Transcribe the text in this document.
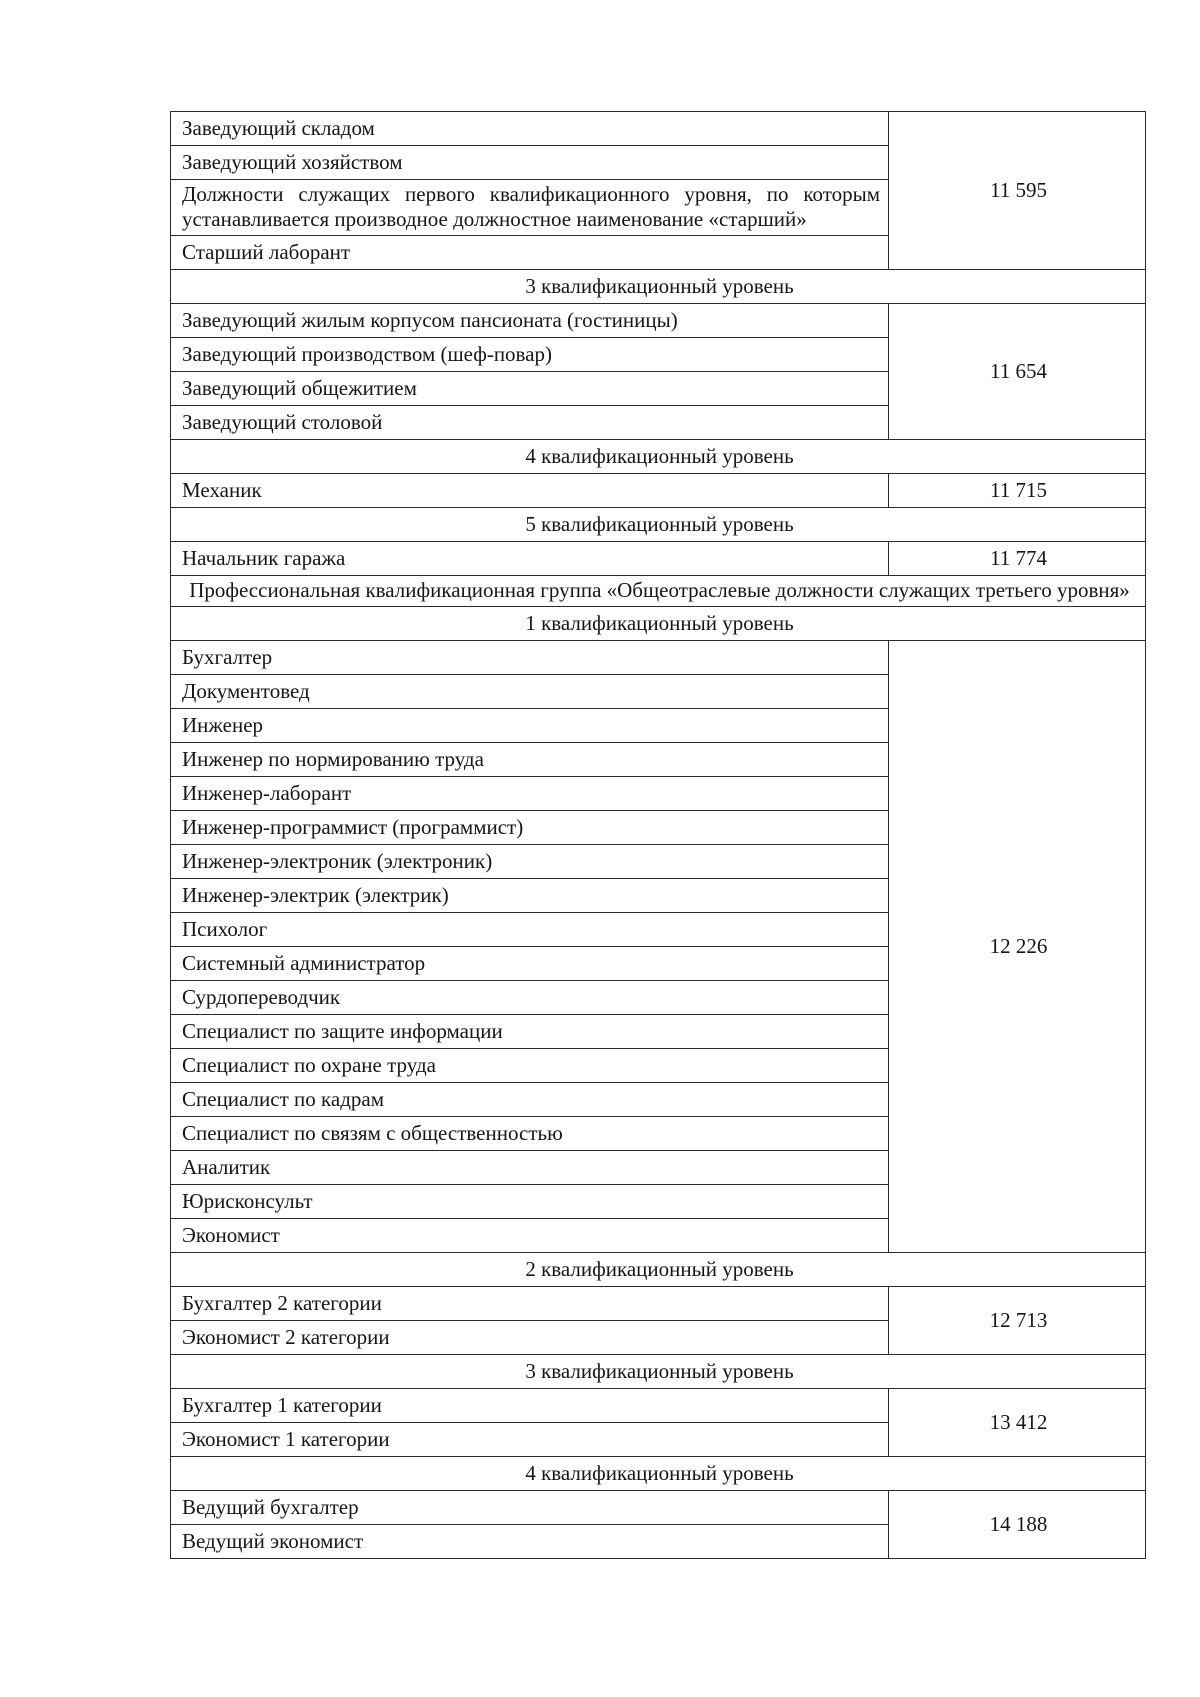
Заведующий складом	11 595
Заведующий хозяйством	
Должности служащих первого квалификационного уровня, по которым устанавливается производное должностное наименование «старший»	
Старший лаборант	
3 квалификационный уровень	
Заведующий жилым корпусом пансионата (гостиницы)	11 654
Заведующий производством (шеф-повар)	
Заведующий общежитием	
Заведующий столовой	
4 квалификационный уровень	
Механик	11 715
5 квалификационный уровень	
Начальник гаража	11 774
Профессиональная квалификационная группа «Общеотраслевые должности служащих третьего уровня»	
1 квалификационный уровень	
Бухгалтер	12 226
Документовед	
Инженер	
Инженер по нормированию труда	
Инженер-лаборант	
Инженер-программист (программист)	
Инженер-электроник (электроник)	
Инженер-электрик (электрик)	
Психолог	
Системный администратор	
Сурдопереводчик	
Специалист по защите информации	
Специалист по охране труда	
Специалист по кадрам	
Специалист по связям с общественностью	
Аналитик	
Юрисконсульт	
Экономист	
2 квалификационный уровень	
Бухгалтер 2 категории	12 713
Экономист 2 категории	
3 квалификационный уровень	
Бухгалтер 1 категории	13 412
Экономист 1 категории	
4 квалификационный уровень	
Ведущий бухгалтер	14 188
Ведущий экономист	
